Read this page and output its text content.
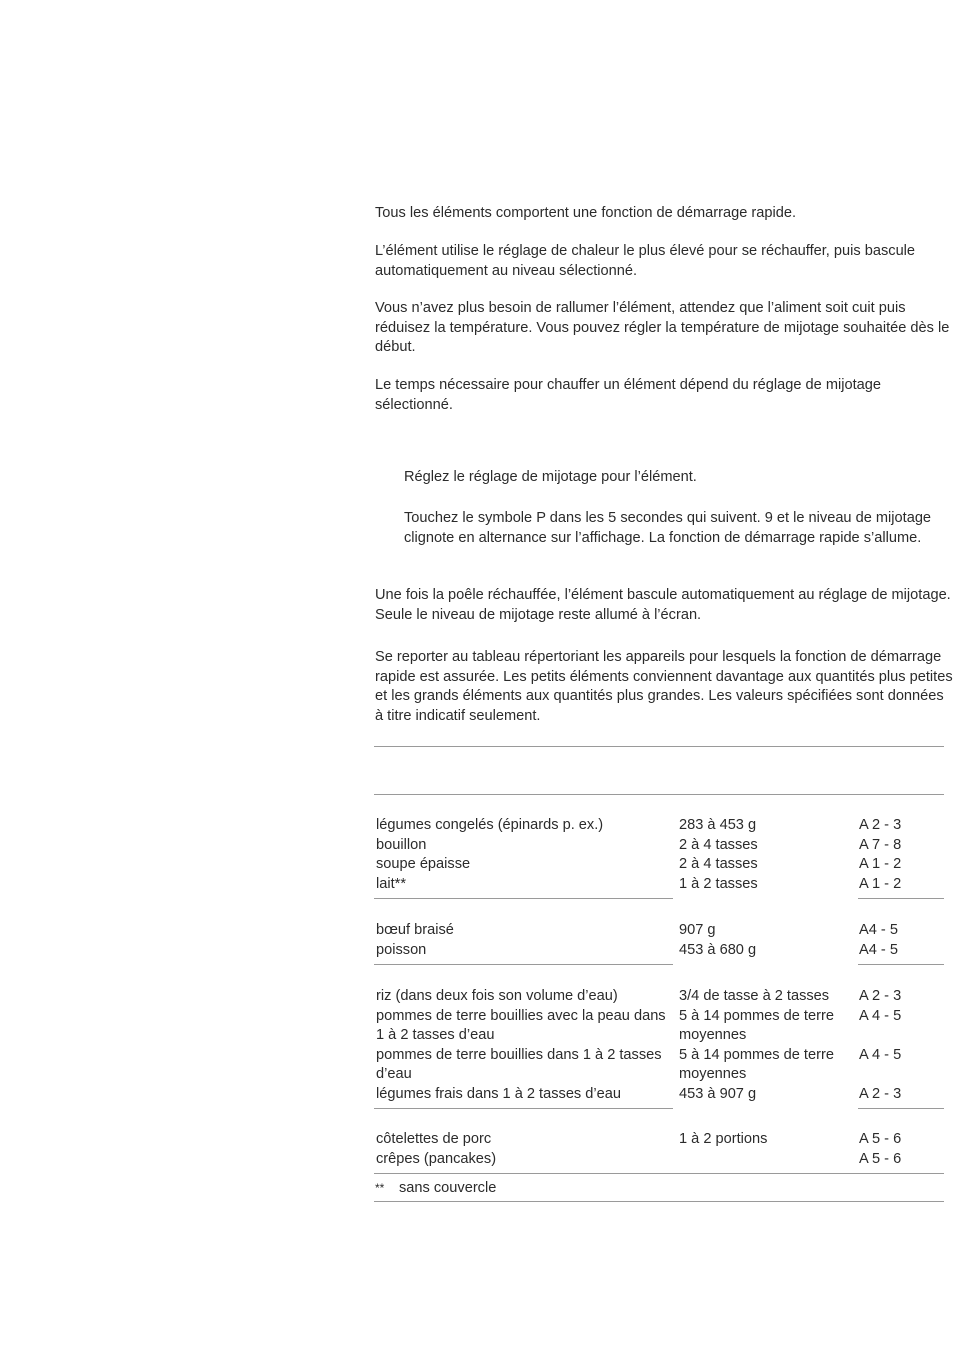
Tous les éléments comportent une fonction de démarrage rapide.

L’élément utilise le réglage de chaleur le plus élevé pour se réchauffer, puis bascule automatiquement au niveau sélectionné.

Vous n’avez plus besoin de rallumer l’élément, attendez que l’aliment soit cuit puis réduisez la température. Vous pouvez régler la température de mijotage souhaitée dès le début.

Le temps nécessaire pour chauffer un élément dépend du réglage de mijotage sélectionné.

Réglez le réglage de mijotage pour l’élément.

Touchez le symbole P dans les 5 secondes qui suivent. 9 et le niveau de mijotage clignote en alternance sur l’affichage. La fonction de démarrage rapide s’allume.

Une fois la poêle réchauffée, l’élément bascule automatiquement au réglage de mijotage. Seule le niveau de mijotage reste allumé à l’écran.

Se reporter au tableau répertoriant les appareils pour lesquels la fonction de démarrage rapide est assurée. Les petits éléments conviennent davantage aux quantités plus petites et les grands éléments aux quantités plus grandes. Les valeurs spécifiées sont données à titre indicatif seulement.

légumes congelés (épinards p. ex.)
bouillon
soupe épaisse
lait**
283 à 453 g
2 à 4 tasses
2 à 4 tasses
1 à 2 tasses
A 2 - 3
A 7 - 8
A 1 - 2
A 1 - 2
bœuf braisé
poisson
907 g
453 à 680 g
A4 - 5
A4 - 5
riz (dans deux fois son volume d’eau)
pommes de terre bouillies avec la peau dans 1 à 2 tasses d’eau
pommes de terre bouillies dans 1 à 2 tasses d’eau
légumes frais dans 1 à 2 tasses d’eau
3/4 de tasse à 2 tasses
5 à 14 pommes de terre moyennes
5 à 14 pommes de terre moyennes
453 à 907 g
A 2 - 3
A 4 - 5
A 4 - 5
A 2 - 3
côtelettes de porc
crêpes (pancakes)
1 à 2 portions	A 5 - 6
A 5 - 6
** sans couvercle
